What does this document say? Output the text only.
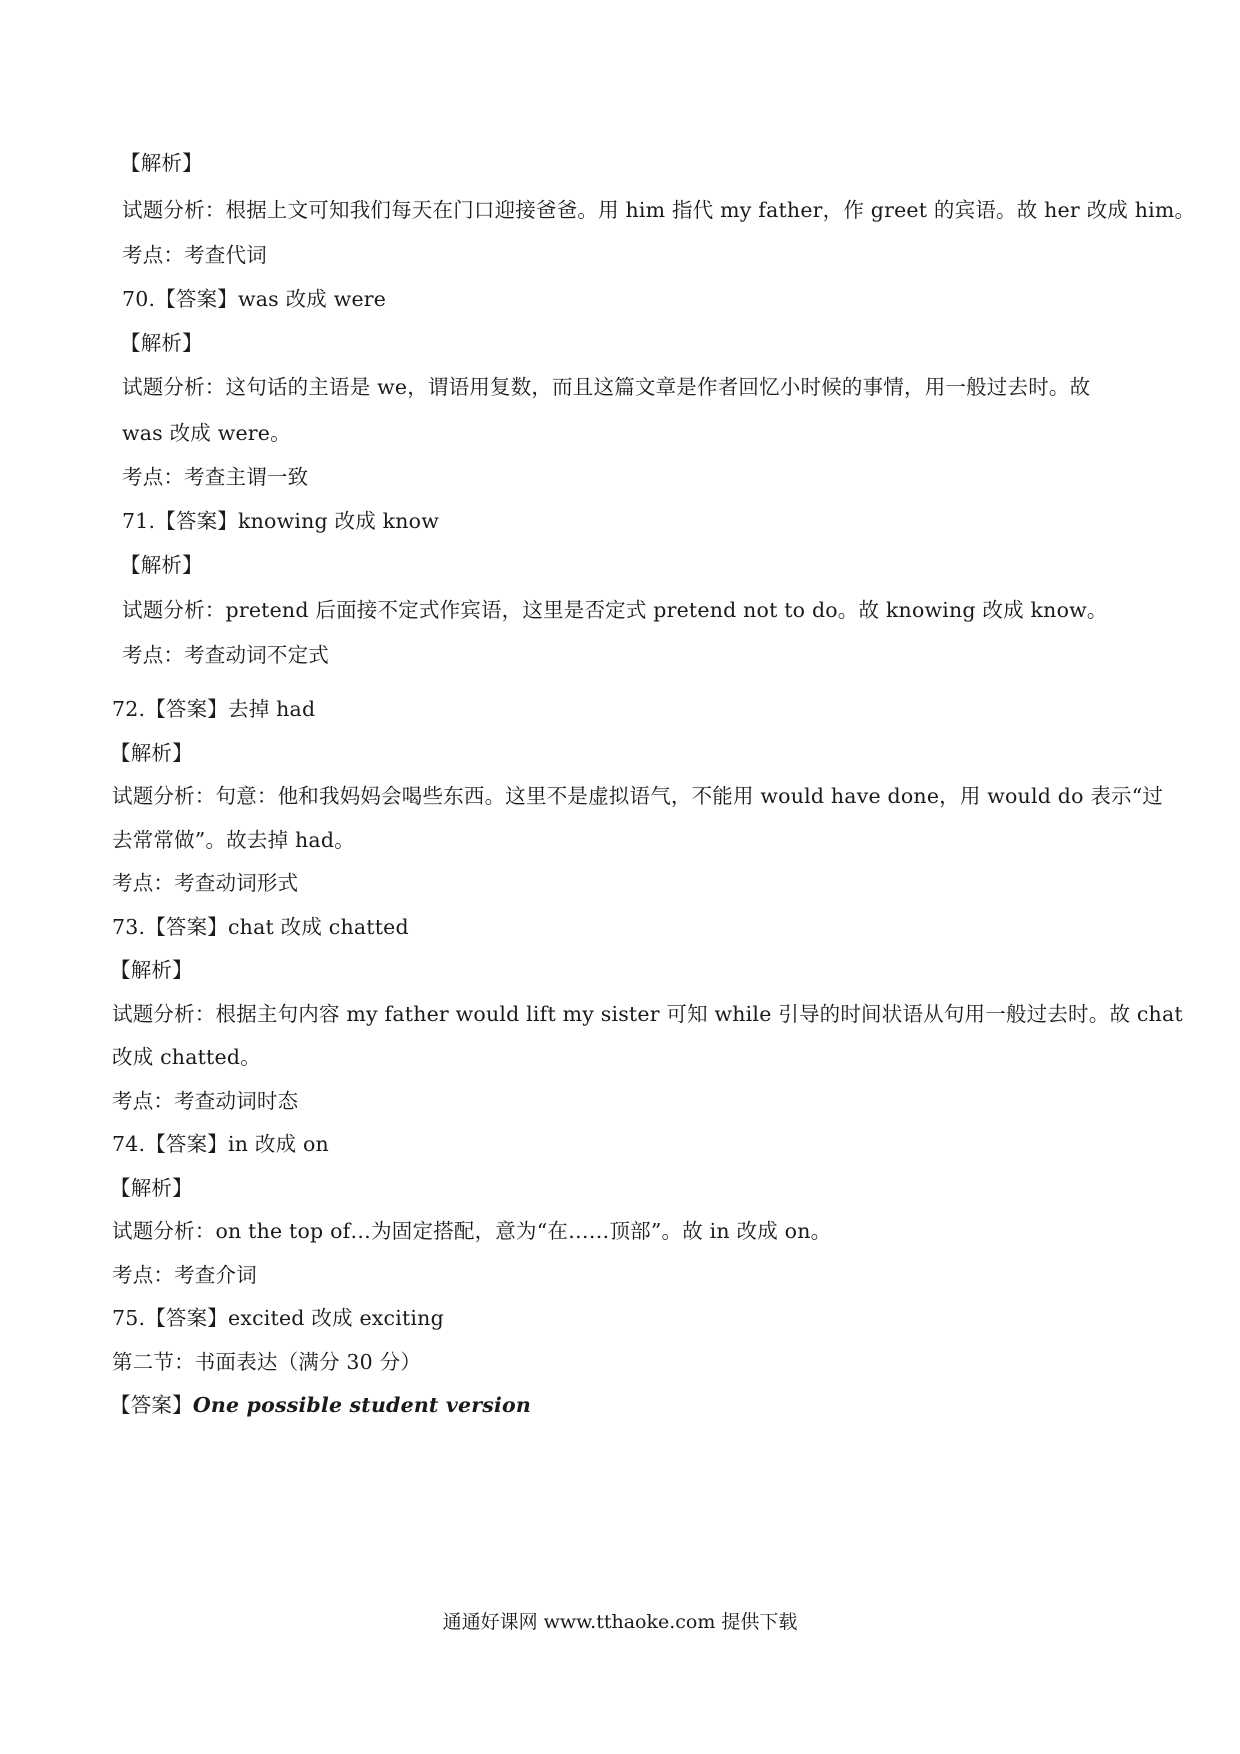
【解析】
试题分析：根据上文可知我们每天在门口迎接爸爸。用 him 指代 my father，作 greet 的宾语。故 her 改成 him。
考点：考查代词
70.【答案】was 改成 were
【解析】
试题分析：这句话的主语是 we，谓语用复数，而且这篇文章是作者回忆小时候的事情，用一般过去时。故
was 改成 were。
考点：考查主谓一致
71.【答案】knowing 改成 know
【解析】
试题分析：pretend 后面接不定式作宾语，这里是否定式 pretend not to do。故 knowing 改成 know。
考点：考查动词不定式
72.【答案】去掉 had
【解析】
试题分析：句意：他和我妈妈会喝些东西。这里不是虚拟语气，不能用 would have done，用 would do 表示“过
去常常做”。故去掉 had。
考点：考查动词形式
73.【答案】chat 改成 chatted
【解析】
试题分析：根据主句内容 my father would lift my sister 可知 while 引导的时间状语从句用一般过去时。故 chat
改成 chatted。
考点：考查动词时态
74.【答案】in 改成 on
【解析】
试题分析：on the top of…为固定搭配，意为“在……顶部”。故 in 改成 on。
考点：考查介词
75.【答案】excited 改成 exciting
第二节：书面表达（满分 30 分）
【答案】One possible student version
通通好课网 www.tthaoke.com 提供下载
